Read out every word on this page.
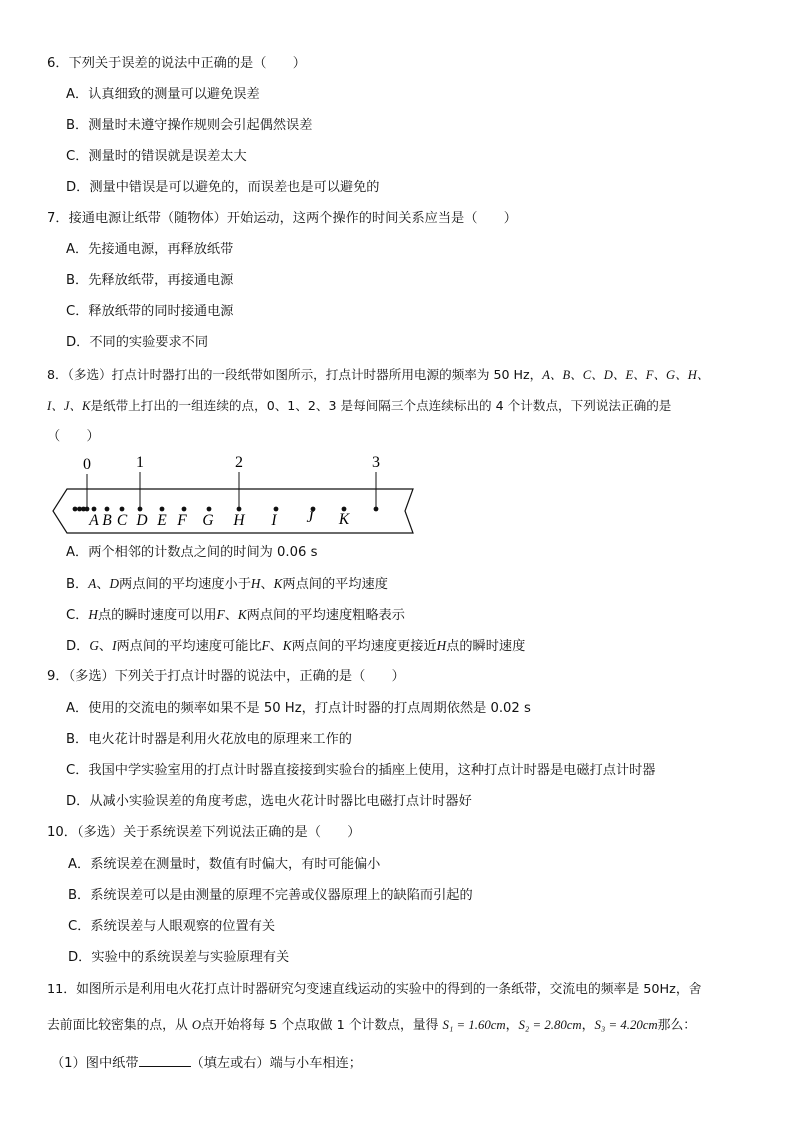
6．下列关于误差的说法中正确的是（　　）
A．认真细致的测量可以避免误差
B．测量时未遵守操作规则会引起偶然误差
C．测量时的错误就是误差太大
D．测量中错误是可以避免的，而误差也是可以避免的
7．接通电源让纸带（随物体）开始运动，这两个操作的时间关系应当是（　　）
A．先接通电源，再释放纸带
B．先释放纸带，再接通电源
C．释放纸带的同时接通电源
D．不同的实验要求不同
8．（多选）打点计时器打出的一段纸带如图所示，打点计时器所用电源的频率为 50 Hz，A、B、C、D、E、F、G、H、
I、J、K是纸带上打出的一组连续的点，0、1、2、3 是每间隔三个点连续标出的 4 个计数点，下列说法正确的是
（　　）
0	1	2	3
A B C D E F G H I J K
A．两个相邻的计数点之间的时间为 0.06 s
B．A、D两点间的平均速度小于H、K两点间的平均速度
C．H点的瞬时速度可以用F、K两点间的平均速度粗略表示
D．G、I两点间的平均速度可能比F、K两点间的平均速度更接近H点的瞬时速度
9．（多选）下列关于打点计时器的说法中，正确的是（　　）
A．使用的交流电的频率如果不是 50 Hz，打点计时器的打点周期依然是 0.02 s
B．电火花计时器是利用火花放电的原理来工作的
C．我国中学实验室用的打点计时器直接接到实验台的插座上使用，这种打点计时器是电磁打点计时器
D．从减小实验误差的角度考虑，选电火花计时器比电磁打点计时器好
10．（多选）关于系统误差下列说法正确的是（　　）
A．系统误差在测量时，数值有时偏大，有时可能偏小
B．系统误差可以是由测量的原理不完善或仪器原理上的缺陷而引起的
C．系统误差与人眼观察的位置有关
D．实验中的系统误差与实验原理有关
11．如图所示是利用电火花打点计时器研究匀变速直线运动的实验中的得到的一条纸带，交流电的频率是 50Hz，舍
去前面比较密集的点，从 O点开始将每 5 个点取做 1 个计数点，量得 S₁ = 1.60cm，S₂ = 2.80cm，S₃ = 4.20cm那么：
（1）图中纸带	（填左或右）端与小车相连；
